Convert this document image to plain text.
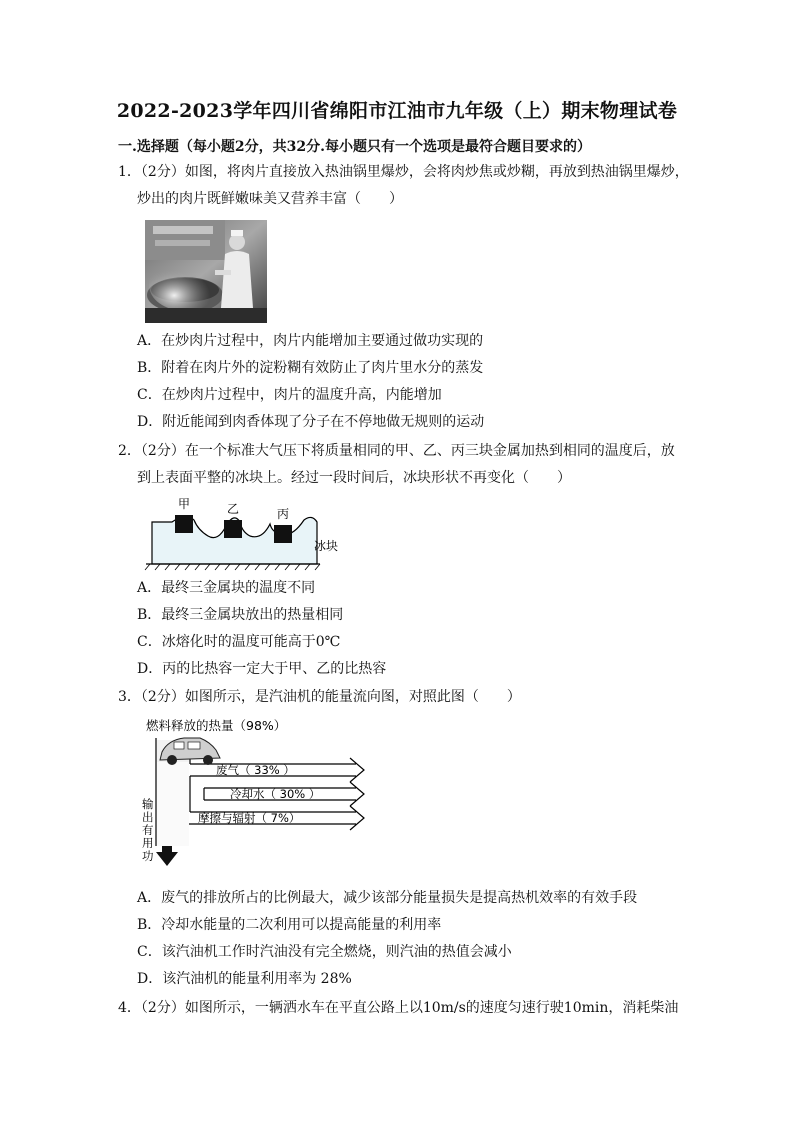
2022-2023学年四川省绵阳市江油市九年级（上）期末物理试卷
一.选择题（每小题2分，共32分.每小题只有一个选项是最符合题目要求的）
1．（2分）如图，将肉片直接放入热油锅里爆炒，会将肉炒焦或炒糊，再放到热油锅里爆炒，
炒出的肉片既鲜嫩味美又营养丰富（　　）
A．在炒肉片过程中，肉片内能增加主要通过做功实现的
B．附着在肉片外的淀粉糊有效防止了肉片里水分的蒸发
C．在炒肉片过程中，肉片的温度升高，内能增加
D．附近能闻到肉香体现了分子在不停地做无规则的运动
2．（2分）在一个标准大气压下将质量相同的甲、乙、丙三块金属加热到相同的温度后，放
到上表面平整的冰块上。经过一段时间后，冰块形状不再变化（　　）
甲	乙	丙
冰块
A．最终三金属块的温度不同
B．最终三金属块放出的热量相同
C．冰熔化时的温度可能高于0℃
D．丙的比热容一定大于甲、乙的比热容
3．（2分）如图所示，是汽油机的能量流向图，对照此图（　　）
燃料释放的热量（98%）
废气（ 33% ）
冷却水（ 30% ）
摩擦与辐射（ 7%）
输
出
有
用
功
A．废气的排放所占的比例最大，减少该部分能量损失是提高热机效率的有效手段
B．冷却水能量的二次利用可以提高能量的利用率
C．该汽油机工作时汽油没有完全燃烧，则汽油的热值会减小
D．该汽油机的能量利用率为 28%
4．（2分）如图所示，一辆洒水车在平直公路上以10m/s的速度匀速行驶10min，消耗柴油
